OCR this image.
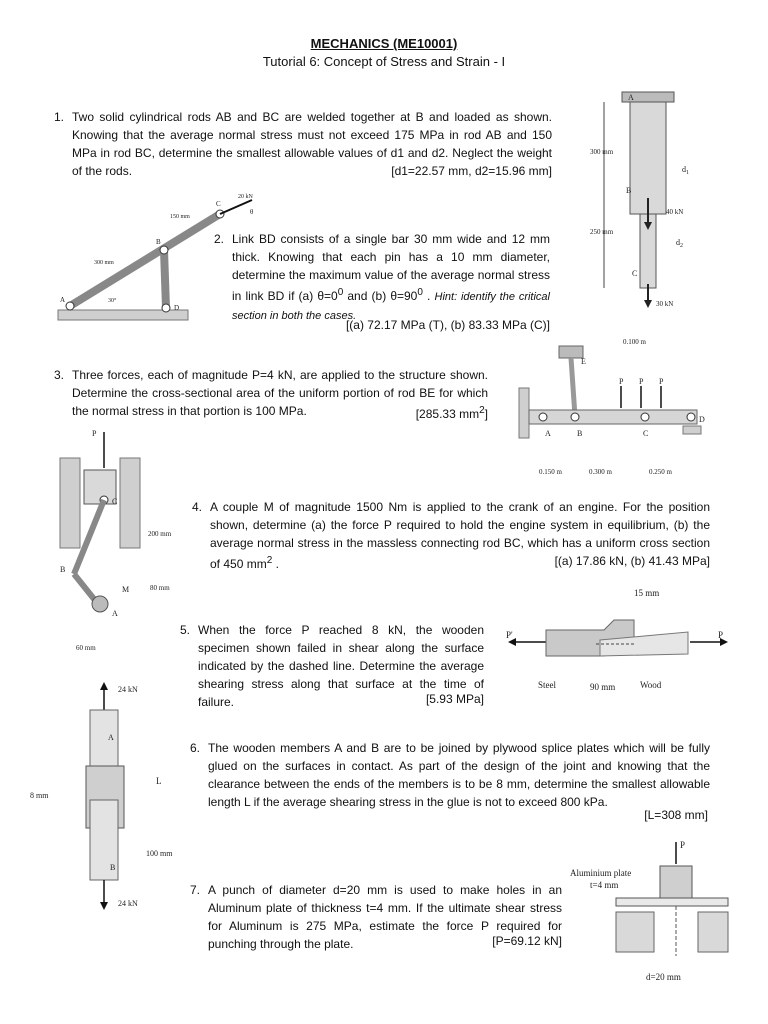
MECHANICS (ME10001)
Tutorial 6: Concept of Stress and Strain - I
1. Two solid cylindrical rods AB and BC are welded together at B and loaded as shown. Knowing that the average normal stress must not exceed 175 MPa in rod AB and 150 MPa in rod BC, determine the smallest allowable values of d1 and d2. Neglect the weight of the rods.	[d1=22.57 mm, d2=15.96 mm]
2. Link BD consists of a single bar 30 mm wide and 12 mm thick. Knowing that each pin has a 10 mm diameter, determine the maximum value of the average normal stress in link BD if (a) $\theta=0^0$ and (b) $\theta=90^0$ . Hint: identify the critical section in both the cases.
[(a) 72.17 MPa (T), (b) 83.33 MPa (C)]
3. Three forces, each of magnitude P=4 kN, are applied to the structure shown. Determine the cross-sectional area of the uniform portion of rod BE for which the normal stress in that portion is 100 MPa.	[285.33 $mm^2$]
4. A couple M of magnitude 1500 Nm is applied to the crank of an engine. For the position shown, determine (a) the force P required to hold the engine system in equilibrium, (b) the average normal stress in the massless connecting rod BC, which has a uniform cross section of 450 $mm^2$ .	[(a) 17.86 kN, (b) 41.43 MPa]
5. When the force P reached 8 kN, the wooden specimen shown failed in shear along the surface indicated by the dashed line. Determine the average shearing stress along that surface at the time of failure.	[5.93 MPa]
6. The wooden members A and B are to be joined by plywood splice plates which will be fully glued on the surfaces in contact. As part of the design of the joint and knowing that the clearance between the ends of the members is to be 8 mm, determine the smallest allowable length L if the average shearing stress in the glue is not to exceed 800 kPa.
[L=308 mm]
7. A punch of diameter d=20 mm is used to make holes in an Aluminum plate of thickness t=4 mm. If the ultimate shear stress for Aluminum is 275 MPa, estimate the force P required for punching through the plate.	[P=69.12 kN]
A
B
C
300 mm
250 mm
$d_1$
$d_2$
40 kN
30 kN
A
B
C
D
20 kN
θ
30°
150 mm
300 mm
E
A	B	C
D
P P P
0.100 m
0.150 m	0.300 m	0.250 m
P
C
B
A
M
200 mm
80 mm
60 mm
15 mm
P'	P
Steel	Wood
90 mm
24 kN
24 kN
A
B
L
8 mm
100 mm
P
Aluminium plate
t=4 mm
d=20 mm
